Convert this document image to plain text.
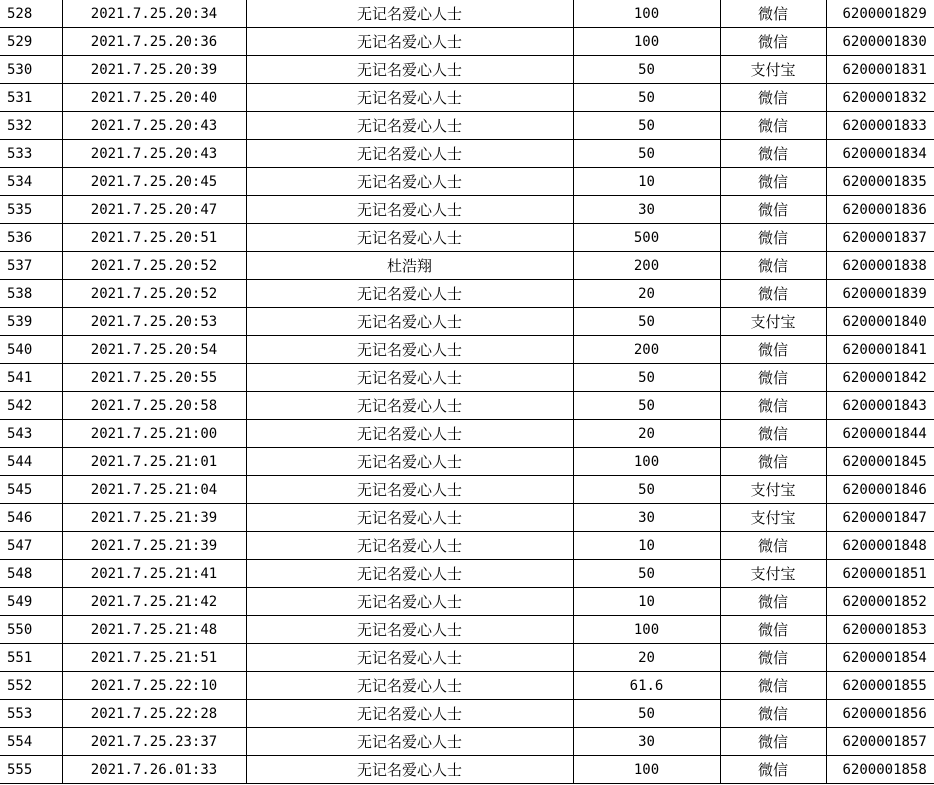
528	2021.7.25.20:34	无记名爱心人士	100	微信	6200001829
529	2021.7.25.20:36	无记名爱心人士	100	微信	6200001830
530	2021.7.25.20:39	无记名爱心人士	50	支付宝	6200001831
531	2021.7.25.20:40	无记名爱心人士	50	微信	6200001832
532	2021.7.25.20:43	无记名爱心人士	50	微信	6200001833
533	2021.7.25.20:43	无记名爱心人士	50	微信	6200001834
534	2021.7.25.20:45	无记名爱心人士	10	微信	6200001835
535	2021.7.25.20:47	无记名爱心人士	30	微信	6200001836
536	2021.7.25.20:51	无记名爱心人士	500	微信	6200001837
537	2021.7.25.20:52	杜浩翔	200	微信	6200001838
538	2021.7.25.20:52	无记名爱心人士	20	微信	6200001839
539	2021.7.25.20:53	无记名爱心人士	50	支付宝	6200001840
540	2021.7.25.20:54	无记名爱心人士	200	微信	6200001841
541	2021.7.25.20:55	无记名爱心人士	50	微信	6200001842
542	2021.7.25.20:58	无记名爱心人士	50	微信	6200001843
543	2021.7.25.21:00	无记名爱心人士	20	微信	6200001844
544	2021.7.25.21:01	无记名爱心人士	100	微信	6200001845
545	2021.7.25.21:04	无记名爱心人士	50	支付宝	6200001846
546	2021.7.25.21:39	无记名爱心人士	30	支付宝	6200001847
547	2021.7.25.21:39	无记名爱心人士	10	微信	6200001848
548	2021.7.25.21:41	无记名爱心人士	50	支付宝	6200001851
549	2021.7.25.21:42	无记名爱心人士	10	微信	6200001852
550	2021.7.25.21:48	无记名爱心人士	100	微信	6200001853
551	2021.7.25.21:51	无记名爱心人士	20	微信	6200001854
552	2021.7.25.22:10	无记名爱心人士	61.6	微信	6200001855
553	2021.7.25.22:28	无记名爱心人士	50	微信	6200001856
554	2021.7.25.23:37	无记名爱心人士	30	微信	6200001857
555	2021.7.26.01:33	无记名爱心人士	100	微信	6200001858
